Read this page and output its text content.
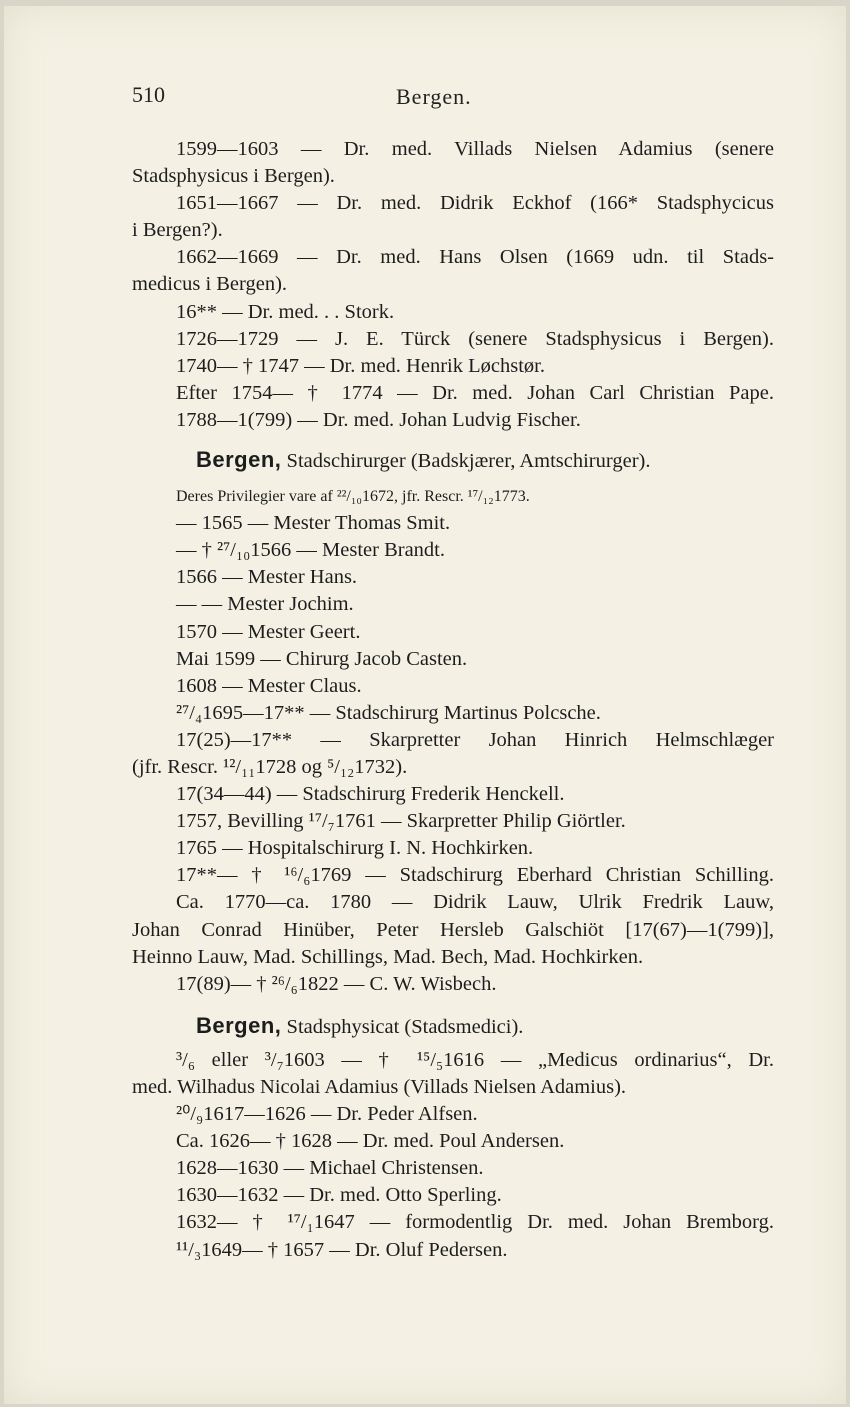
510	Bergen.
1599—1603 — Dr. med. Villads Nielsen Adamius (senere
Stadsphysicus i Bergen).
1651—1667 — Dr. med. Didrik Eckhof (166* Stadsphycicus
i Bergen?).
1662—1669 — Dr. med. Hans Olsen (1669 udn. til Stads-
medicus i Bergen).
16** — Dr. med. . . Stork.
1726—1729 — J. E. Türck (senere Stadsphysicus i Bergen).
1740— † 1747 — Dr. med. Henrik Løchstør.
Efter 1754— † 1774 — Dr. med. Johan Carl Christian Pape.
1788—1(799) — Dr. med. Johan Ludvig Fischer.
Bergen, Stadschirurger (Badskjærer, Amtschirurger).
Deres Privilegier vare af ²²/₁₀1672, jfr. Rescr. ¹⁷/₁₂1773.
— 1565 — Mester Thomas Smit.
— † ²⁷/₁₀1566 — Mester Brandt.
1566 — Mester Hans.
— — Mester Jochim.
1570 — Mester Geert.
Mai 1599 — Chirurg Jacob Casten.
1608 — Mester Claus.
²⁷/₄1695—17** — Stadschirurg Martinus Polcsche.
17(25)—17** — Skarpretter Johan Hinrich Helmschlæger
(jfr. Rescr. ¹²/₁₁1728 og ⁵/₁₂1732).
17(34—44) — Stadschirurg Frederik Henckell.
1757, Bevilling ¹⁷/₇1761 — Skarpretter Philip Giörtler.
1765 — Hospitalschirurg I. N. Hochkirken.
17**— † ¹⁶/₆1769 — Stadschirurg Eberhard Christian Schilling.
Ca. 1770—ca. 1780 — Didrik Lauw, Ulrik Fredrik Lauw,
Johan Conrad Hinüber, Peter Hersleb Galschiöt [17(67)—1(799)],
Heinno Lauw, Mad. Schillings, Mad. Bech, Mad. Hochkirken.
17(89)— † ²⁶/₆1822 — C. W. Wisbech.
Bergen, Stadsphysicat (Stadsmedici).
³/₆ eller ³/₇1603 — † ¹⁵/₅1616 — „Medicus ordinarius“, Dr.
med. Wilhadus Nicolai Adamius (Villads Nielsen Adamius).
²⁰/₉1617—1626 — Dr. Peder Alfsen.
Ca. 1626— † 1628 — Dr. med. Poul Andersen.
1628—1630 — Michael Christensen.
1630—1632 — Dr. med. Otto Sperling.
1632— † ¹⁷/₁1647 — formodentlig Dr. med. Johan Bremborg.
¹¹/₃1649— † 1657 — Dr. Oluf Pedersen.
